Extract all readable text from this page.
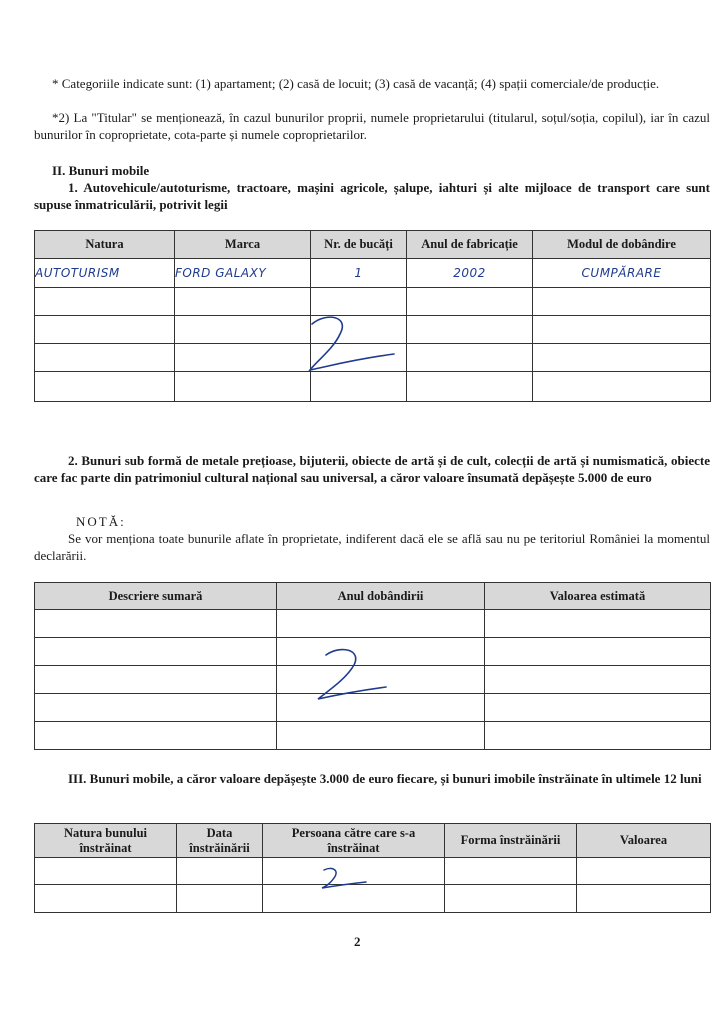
* Categoriile indicate sunt: (1) apartament; (2) casă de locuit; (3) casă de vacanță; (4) spații comerciale/de producție.
*2) La "Titular" se menționează, în cazul bunurilor proprii, numele proprietarului (titularul, soțul/soția, copilul), iar în cazul bunurilor în coproprietate, cota-parte și numele coproprietarilor.
II. Bunuri mobile
1. Autovehicule/autoturisme, tractoare, mașini agricole, șalupe, iahturi și alte mijloace de transport care sunt supuse înmatriculării, potrivit legii
Natura	Marca	Nr. de bucăți	Anul de fabricație	Modul de dobândire
AUTOTURISM	FORD GALAXY	1	2002	CUMPĂRARE

2. Bunuri sub formă de metale prețioase, bijuterii, obiecte de artă și de cult, colecții de artă și numismatică, obiecte care fac parte din patrimoniul cultural național sau universal, a căror valoare însumată depășește 5.000 de euro
NOTĂ:
Se vor menționa toate bunurile aflate în proprietate, indiferent dacă ele se află sau nu pe teritoriul României la momentul declarării.
Descriere sumară	Anul dobândirii	Valoarea estimată

III. Bunuri mobile, a căror valoare depășește 3.000 de euro fiecare, și bunuri imobile înstrăinate în ultimele 12 luni
Natura bunului înstrăinat	Data înstrăinării	Persoana către care s-a înstrăinat	Forma înstrăinării	Valoarea

2
